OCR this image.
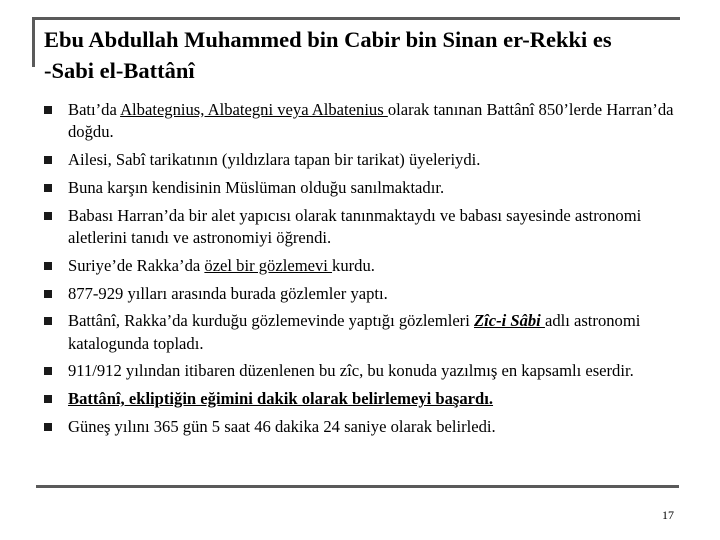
Ebu Abdullah Muhammed bin Cabir bin Sinan er-Rekki es
-Sabi el-Battânî
Batı’da Albategnius, Albategni veya Albatenius olarak tanınan Battânî 850’lerde Harran’da doğdu.
Ailesi, Sabî tarikatının (yıldızlara tapan bir tarikat) üyeleriydi.
Buna karşın kendisinin Müslüman olduğu sanılmaktadır.
Babası Harran’da bir alet yapıcısı olarak tanınmaktaydı ve babası sayesinde astronomi aletlerini tanıdı ve astronomiyi öğrendi.
Suriye’de Rakka’da özel bir gözlemevi kurdu.
877-929 yılları arasında burada gözlemler yaptı.
Battânî, Rakka’da kurduğu gözlemevinde yaptığı gözlemleri Zîc-i Sâbi adlı astronomi katalogunda topladı.
911/912 yılından itibaren düzenlenen bu zîc, bu konuda yazılmış en kapsamlı eserdir.
Battânî, ekliptiğin eğimini dakik olarak belirlemeyi başardı.
Güneş yılını 365 gün 5 saat 46 dakika 24 saniye olarak belirledi.
17
